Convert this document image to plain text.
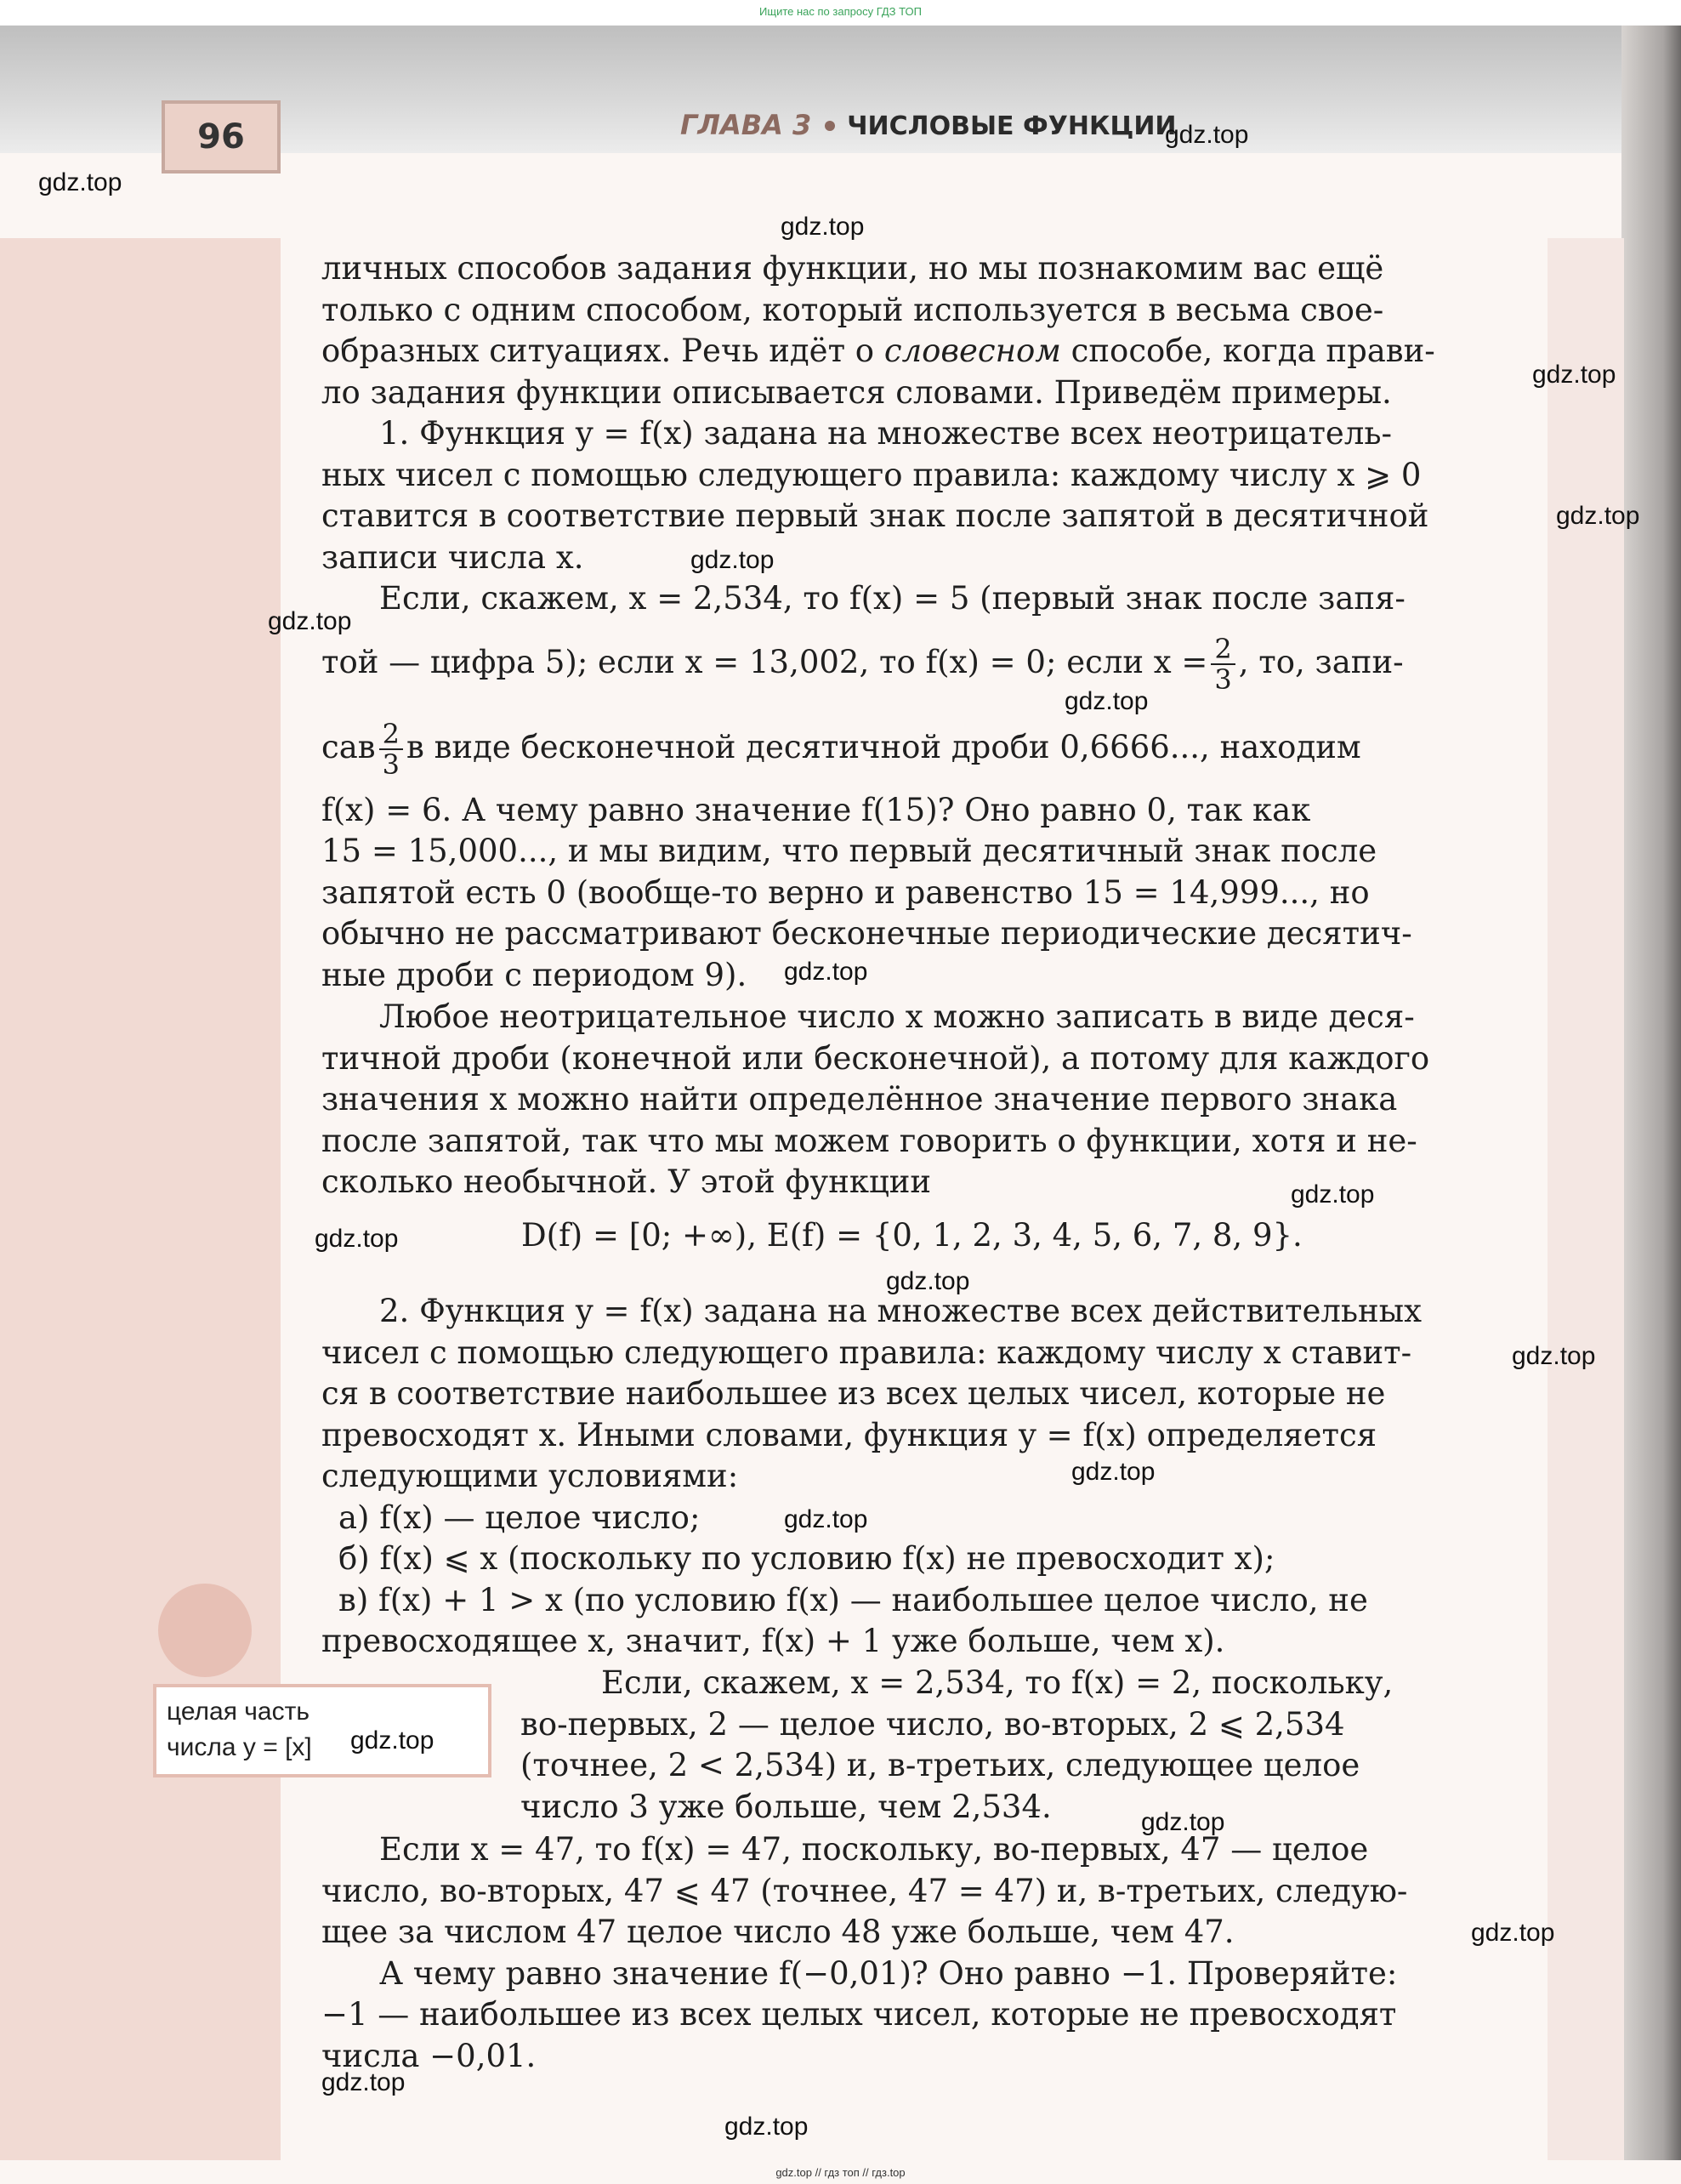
Ищите нас по запросу ГДЗ ТОП
96	ГЛАВА 3 ЧИСЛОВЫЕ ФУНКЦИИ
личных способов задания функции, но мы познакомим вас ещё
только с одним способом, который используется в весьма свое-
образных ситуациях. Речь идёт о словесном способе, когда прави-
ло задания функции описывается словами. Приведём примеры.
1. Функция y = f(x) задана на множестве всех неотрицатель-
ных чисел с помощью следующего правила: каждому числу x ⩾ 0
ставится в соответствие первый знак после запятой в десятичной
записи числа x.
Если, скажем, x = 2,534, то f(x) = 5 (первый знак после запя-
той — цифра 5); если x = 13,002, то f(x) = 0; если $x = \frac{2}{3}$ , то, запи-
сав $\frac{2}{3}$ в виде бесконечной десятичной дроби 0,6666..., находим
f(x) = 6. А чему равно значение f(15)? Оно равно 0, так как
15 = 15,000..., и мы видим, что первый десятичный знак после
запятой есть 0 (вообще-то верно и равенство 15 = 14,999..., но
обычно не рассматривают бесконечные периодические десятич-
ные дроби с периодом 9).
Любое неотрицательное число x можно записать в виде деся-
тичной дроби (конечной или бесконечной), а потому для каждого
значения x можно найти определённое значение первого знака
после запятой, так что мы можем говорить о функции, хотя и не-
сколько необычной. У этой функции
D(f) = [0; +∞), E(f) = {0, 1, 2, 3, 4, 5, 6, 7, 8, 9}.
2. Функция y = f(x) задана на множестве всех действительных
чисел с помощью следующего правила: каждому числу x ставит-
ся в соответствие наибольшее из всех целых чисел, которые не
превосходят x. Иными словами, функция y = f(x) определяется
следующими условиями:
а) f(x) — целое число;
б) f(x) ⩽ x (поскольку по условию f(x) не превосходит x);
в) f(x) + 1 > x (по условию f(x) — наибольшее целое число, не
превосходящее x, значит, f(x) + 1 уже больше, чем x).
целая часть
числа y = [x]
Если, скажем, x = 2,534, то f(x) = 2, поскольку,
во-первых, 2 — целое число, во-вторых, 2 ⩽ 2,534
(точнее, 2 < 2,534) и, в-третьих, следующее целое
число 3 уже больше, чем 2,534.
Если x = 47, то f(x) = 47, поскольку, во-первых, 47 — целое
число, во-вторых, 47 ⩽ 47 (точнее, 47 = 47) и, в-третьих, следую-
щее за числом 47 целое число 48 уже больше, чем 47.
А чему равно значение f(−0,01)? Оно равно −1. Проверяйте:
−1 — наибольшее из всех целых чисел, которые не превосходят
числа −0,01.
gdz.top
gdz.top
gdz.top
gdz.top
gdz.top
gdz.top
gdz.top
gdz.top
gdz.top
gdz.top
gdz.top
gdz.top
gdz.top
gdz.top
gdz.top
gdz.top
gdz.top
gdz.top
gdz.top
gdz.top
gdz.top // гдз топ // гдз.top
